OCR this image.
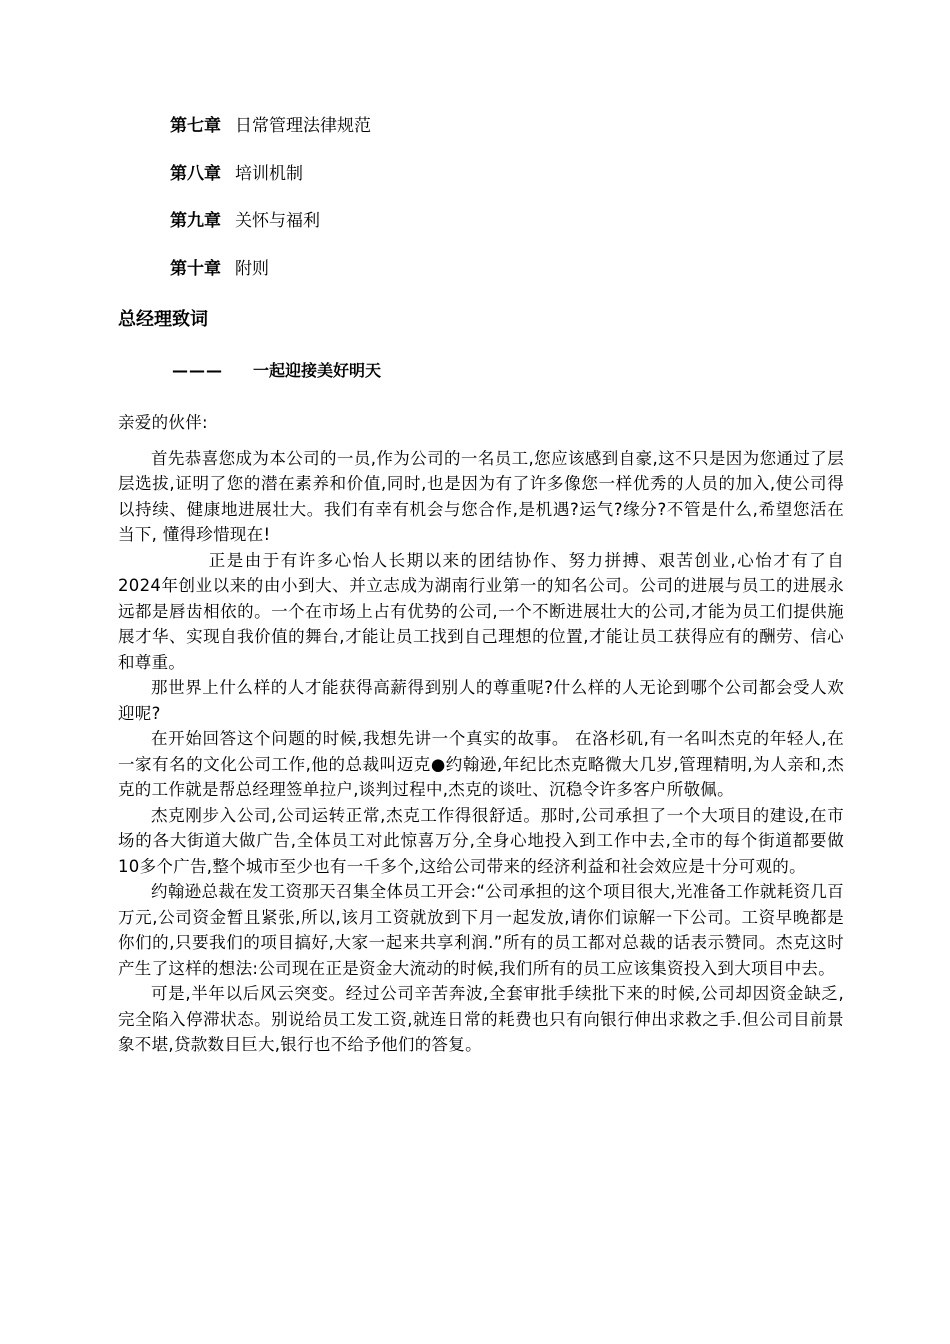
第七章 日常管理法律规范
第八章 培训机制
第九章 关怀与福利
第十章 附则
总经理致词
——— 一起迎接美好明天

亲爱的伙伴:

首先恭喜您成为本公司的一员,作为公司的一名员工,您应该感到自豪,这不只是因为您通过了层层选拔,证明了您的潜在素养和价值,同时,也是因为有了许多像您一样优秀的人员的加入,使公司得以持续、健康地进展壮大。我们有幸有机会与您合作,是机遇?运气?缘分?不管是什么,希望您活在当下, 懂得珍惜现在!

正是由于有许多心怡人长期以来的团结协作、努力拼搏、艰苦创业,心怡才有了自2024年创业以来的由小到大、并立志成为湖南行业第一的知名公司。公司的进展与员工的进展永远都是唇齿相依的。一个在市场上占有优势的公司,一个不断进展壮大的公司,才能为员工们提供施展才华、实现自我价值的舞台,才能让员工找到自己理想的位置,才能让员工获得应有的酬劳、信心和尊重。

那世界上什么样的人才能获得高薪得到别人的尊重呢?什么样的人无论到哪个公司都会受人欢迎呢?

在开始回答这个问题的时候,我想先讲一个真实的故事。 在洛杉矶,有一名叫杰克的年轻人,在一家有名的文化公司工作,他的总裁叫迈克●约翰逊,年纪比杰克略微大几岁,管理精明,为人亲和,杰克的工作就是帮总经理签单拉户,谈判过程中,杰克的谈吐、沉稳令许多客户所敬佩。

杰克刚步入公司,公司运转正常,杰克工作得很舒适。那时,公司承担了一个大项目的建设,在市场的各大街道大做广告,全体员工对此惊喜万分,全身心地投入到工作中去,全市的每个街道都要做10多个广告,整个城市至少也有一千多个,这给公司带来的经济利益和社会效应是十分可观的。

约翰逊总裁在发工资那天召集全体员工开会:“公司承担的这个项目很大,光准备工作就耗资几百万元,公司资金暂且紧张,所以,该月工资就放到下月一起发放,请你们谅解一下公司。工资早晚都是你们的,只要我们的项目搞好,大家一起来共享利润.”所有的员工都对总裁的话表示赞同。杰克这时产生了这样的想法:公司现在正是资金大流动的时候,我们所有的员工应该集资投入到大项目中去。

可是,半年以后风云突变。经过公司辛苦奔波,全套审批手续批下来的时候,公司却因资金缺乏,完全陷入停滞状态。别说给员工发工资,就连日常的耗费也只有向银行伸出求救之手.但公司目前景象不堪,贷款数目巨大,银行也不给予他们的答复。
